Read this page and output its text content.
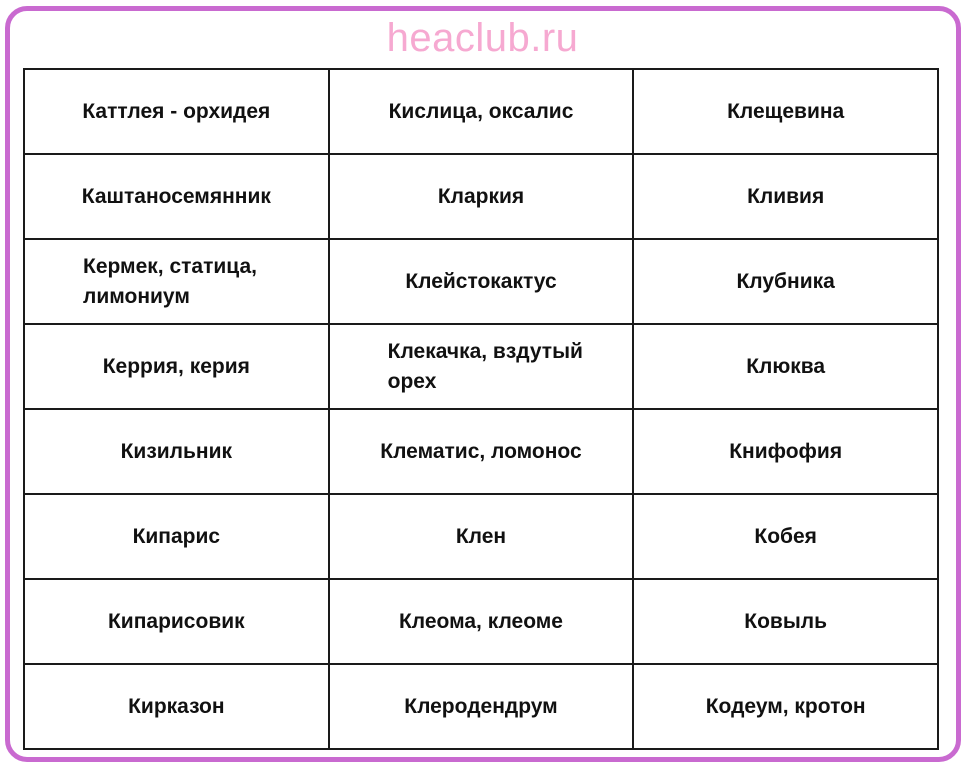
heaclub.ru
Каттлея - орхидея	Кислица, оксалис	Клещевина
Каштаносемянник	Кларкия	Кливия
Кермек, статица, лимониум	Клейстокактус	Клубника
Керрия, керия	Клекачка, вздутый орех	Клюква
Кизильник	Клематис, ломонос	Книфофия
Кипарис	Клен	Кобея
Кипарисовик	Клеома, клеоме	Ковыль
Кирказон	Клеродендрум	Кодеум, кротон
